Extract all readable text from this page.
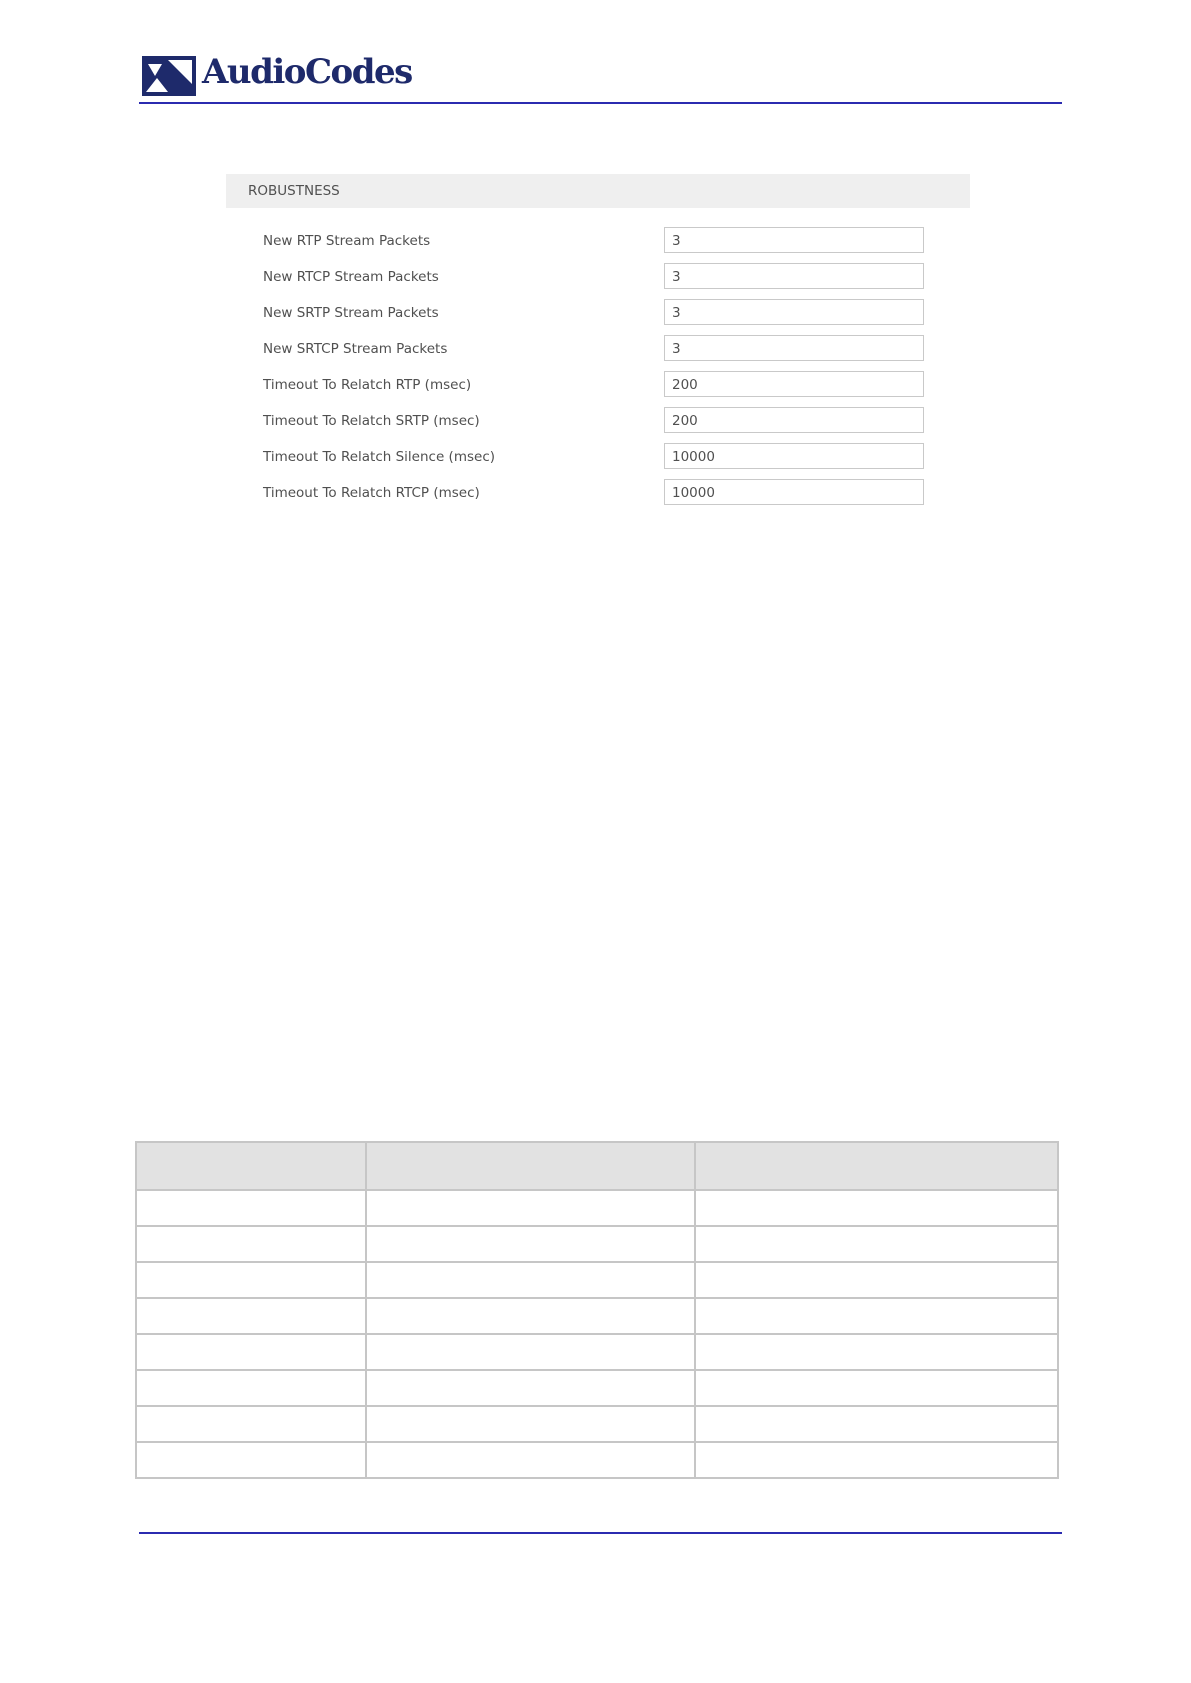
AudioCodes
ROBUSTNESS
New RTP Stream Packets	3
New RTCP Stream Packets	3
New SRTP Stream Packets	3
New SRTCP Stream Packets	3
Timeout To Relatch RTP (msec)	200
Timeout To Relatch SRTP (msec)	200
Timeout To Relatch Silence (msec)	10000
Timeout To Relatch RTCP (msec)	10000
